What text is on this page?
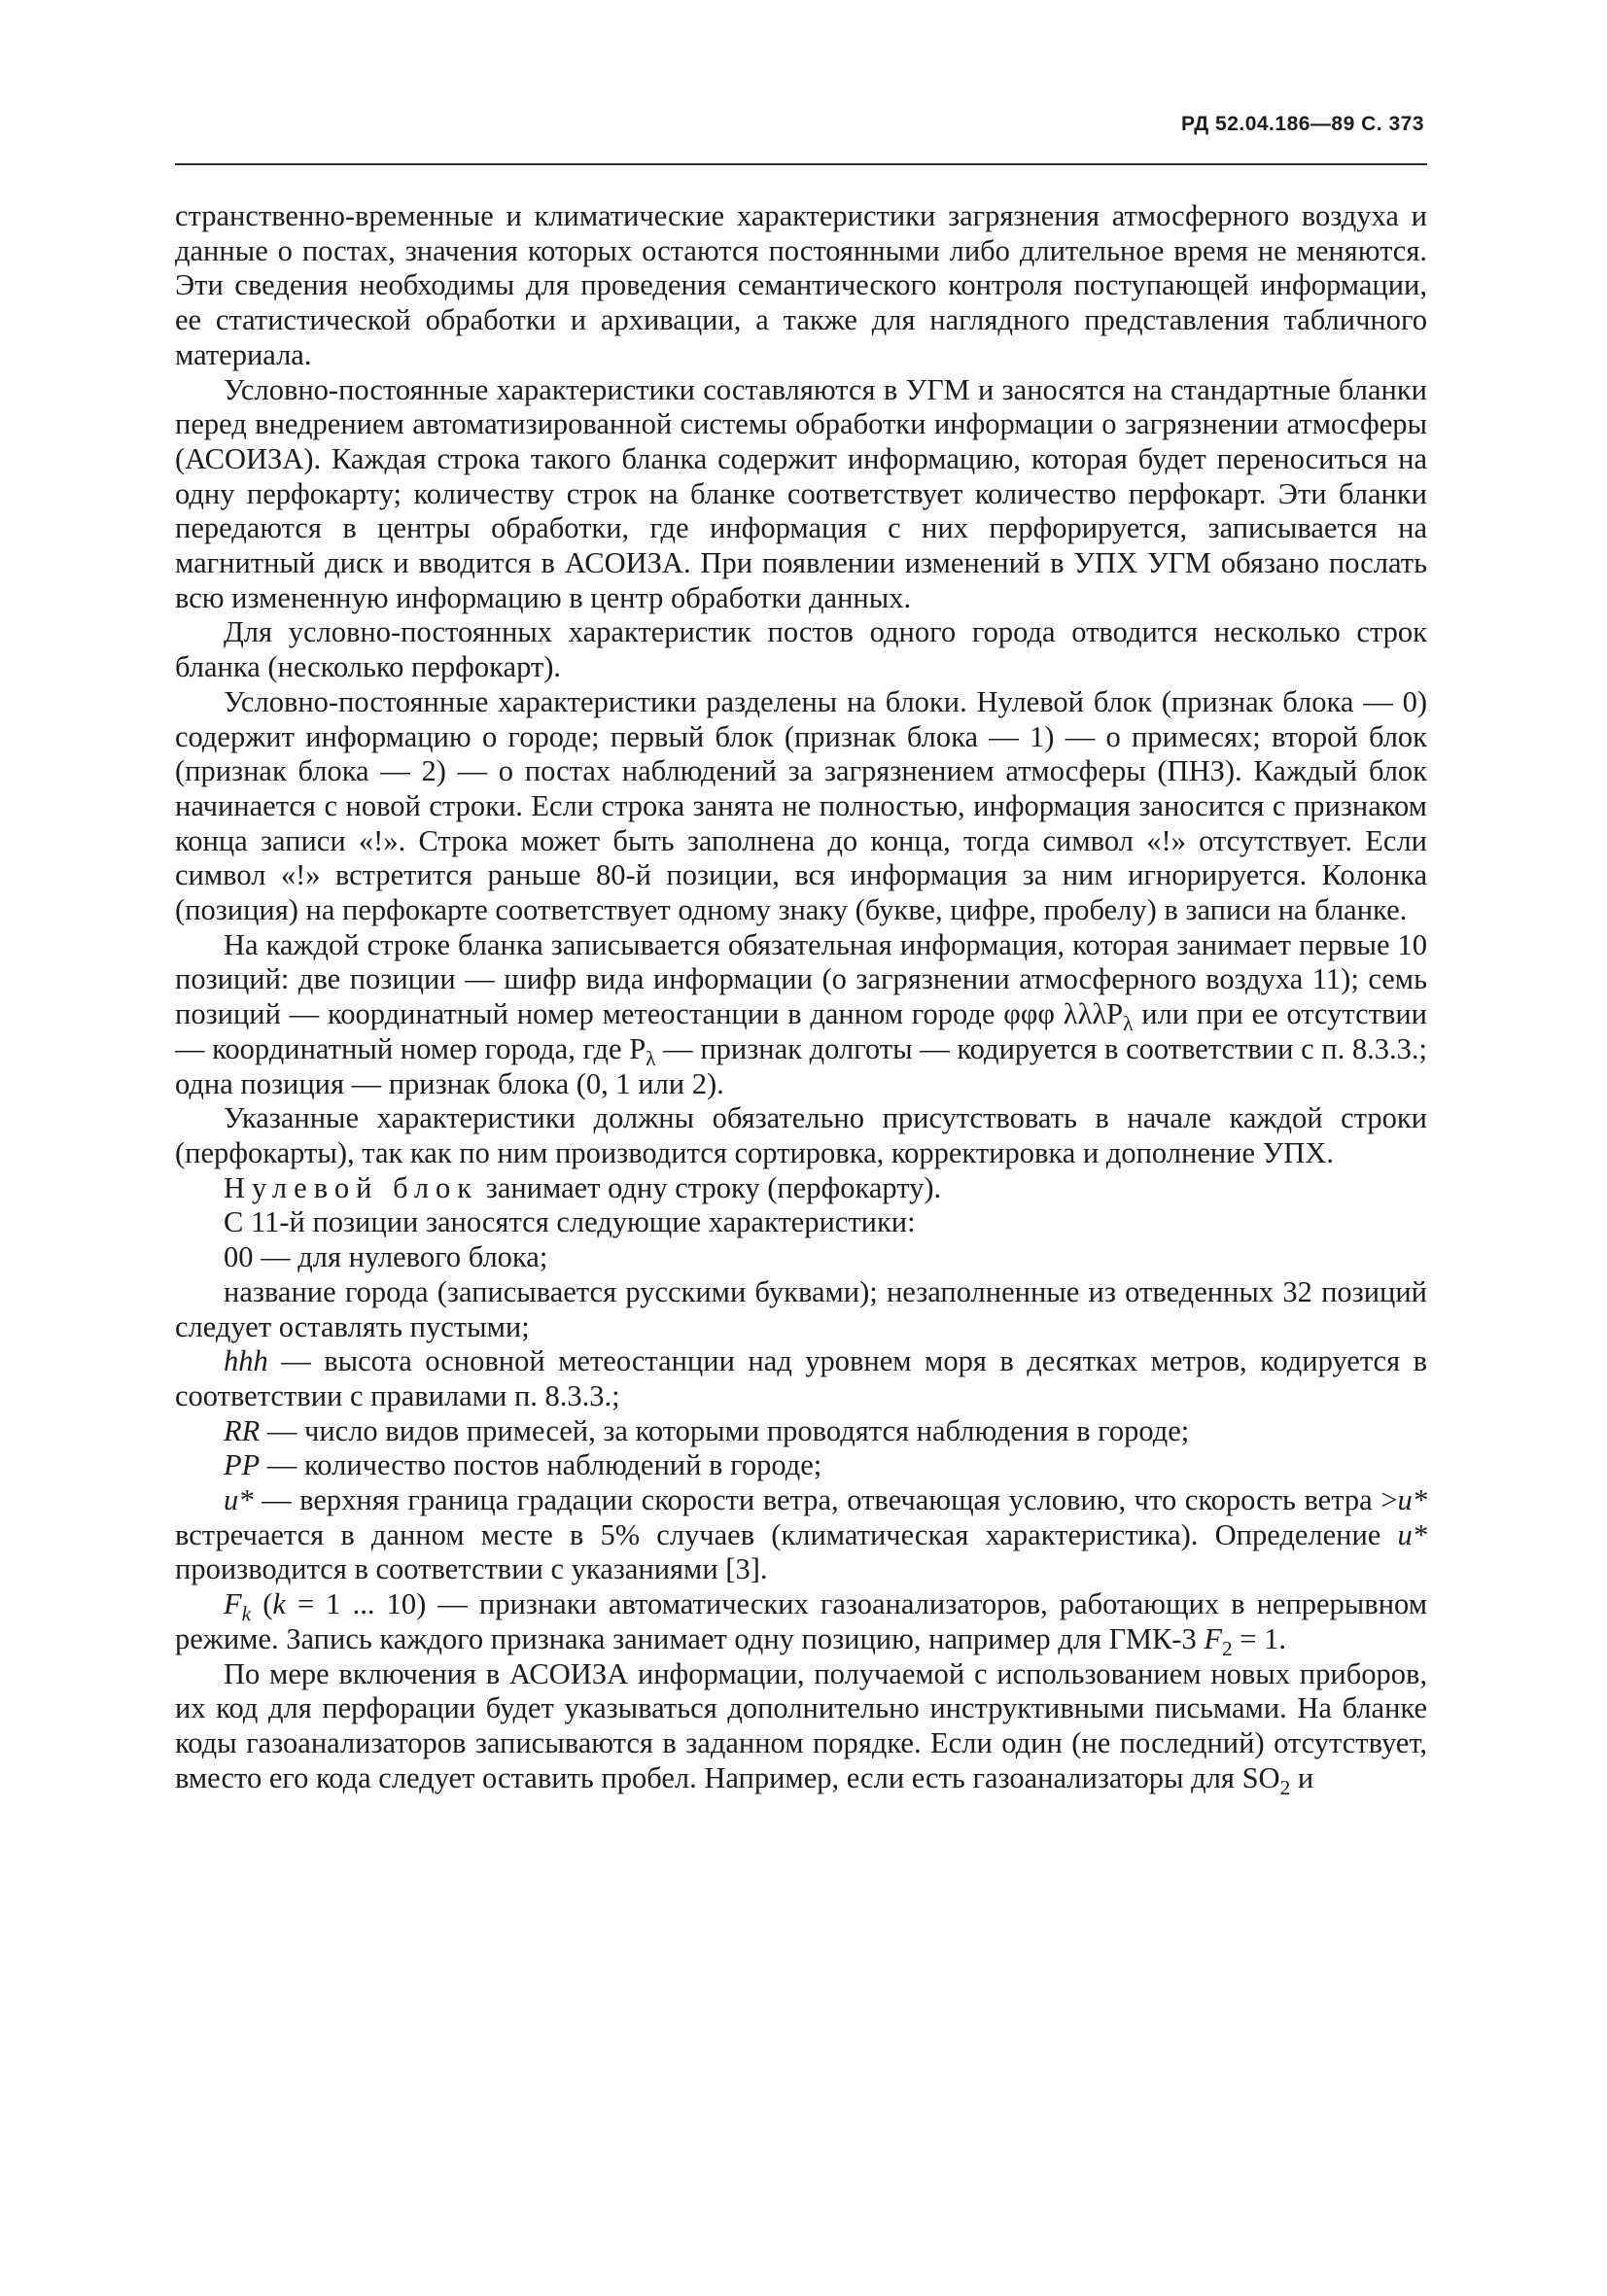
РД 52.04.186—89 С. 373

странственно-временные и климатические характеристики загрязнения атмосферного воздуха и данные о постах, значения которых остаются постоянными либо длительное время не меняются. Эти сведения необходимы для проведения семантического контроля поступающей информации, ее статистической обработки и архивации, а также для наглядного представления табличного материала.

Условно-постоянные характеристики составляются в УГМ и заносятся на стандартные бланки перед внедрением автоматизированной системы обработки информации о загрязнении атмосферы (АСОИЗА). Каждая строка такого бланка содержит информацию, которая будет переноситься на одну перфокарту; количеству строк на бланке соответствует количество перфокарт. Эти бланки передаются в центры обработки, где информация с них перфорируется, записывается на магнитный диск и вводится в АСОИЗА. При появлении изменений в УПХ УГМ обязано послать всю измененную информацию в центр обработки данных.

Для условно-постоянных характеристик постов одного города отводится несколько строк бланка (несколько перфокарт).

Условно-постоянные характеристики разделены на блоки. Нулевой блок (признак блока — 0) содержит информацию о городе; первый блок (признак блока — 1) — о примесях; второй блок (признак блока — 2) — о постах наблюдений за загрязнением атмосферы (ПНЗ). Каждый блок начинается с новой строки. Если строка занята не полностью, информация заносится с признаком конца записи «!». Строка может быть заполнена до конца, тогда символ «!» отсутствует. Если символ «!» встретится раньше 80-й позиции, вся информация за ним игнорируется. Колонка (позиция) на перфокарте соответствует одному знаку (букве, цифре, пробелу) в записи на бланке.

На каждой строке бланка записывается обязательная информация, которая занимает первые 10 позиций: две позиции — шифр вида информации (о загрязнении атмосферного воздуха 11); семь позиций — координатный номер метеостанции в данном городе φφφ λλλP$_\lambda$ или при ее отсутствии — координатный номер города, где $P_\lambda$ — признак долготы — кодируется в соответствии с п. 8.3.3.; одна позиция — признак блока (0, 1 или 2).

Указанные характеристики должны обязательно присутствовать в начале каждой строки (перфокарты), так как по ним производится сортировка, корректировка и дополнение УПХ.

Нулевой блок занимает одну строку (перфокарту).

С 11-й позиции заносятся следующие характеристики:

00 — для нулевого блока;

название города (записывается русскими буквами); незаполненные из отведенных 32 позиций следует оставлять пустыми;

hhh — высота основной метеостанции над уровнем моря в десятках метров, кодируется в соответствии с правилами п. 8.3.3.;

RR — число видов примесей, за которыми проводятся наблюдения в городе;

PP — количество постов наблюдений в городе;

u* — верхняя граница градации скорости ветра, отвечающая условию, что скорость ветра >u* встречается в данном месте в 5% случаев (климатическая характеристика). Определение u* производится в соответствии с указаниями [3].

$F_k$ (k = 1 ... 10) — признаки автоматических газоанализаторов, работающих в непрерывном режиме. Запись каждого признака занимает одну позицию, например для ГМК-3 $F_2 = 1$.

По мере включения в АСОИЗА информации, получаемой с использованием новых приборов, их код для перфорации будет указываться дополнительно инструктивными письмами. На бланке коды газоанализаторов записываются в заданном порядке. Если один (не последний) отсутствует, вместо его кода следует оставить пробел. Например, если есть газоанализаторы для $SO_2$ и
